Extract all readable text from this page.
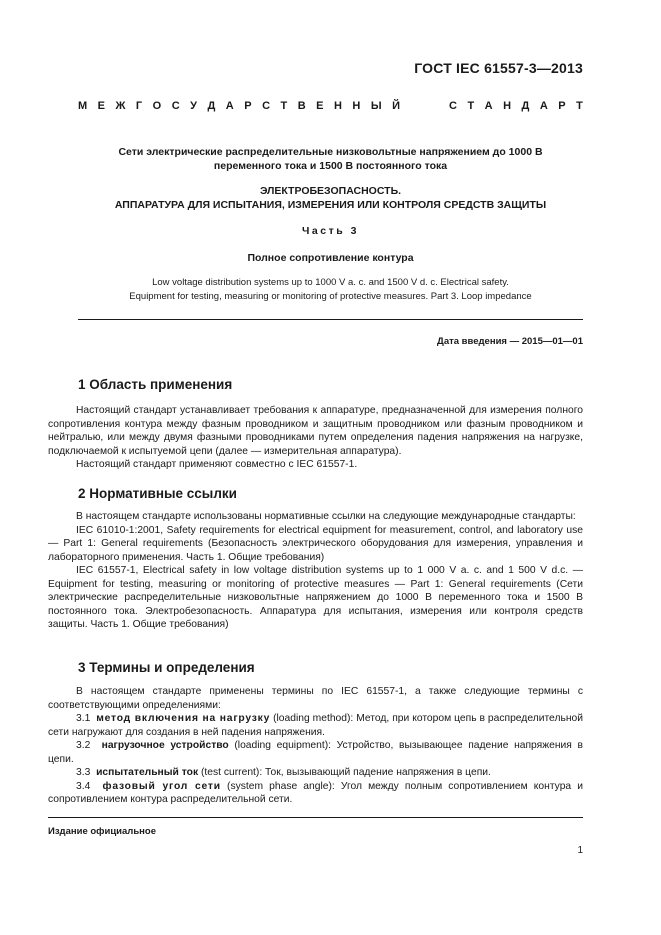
ГОСТ IEC 61557-3—2013
М Е Ж Г О С У Д А Р С Т В Е Н Н Ы Й	С Т А Н Д А Р Т
Сети электрические распределительные низковольтные напряжением до 1000 В
переменного тока и 1500 В постоянного тока
ЭЛЕКТРОБЕЗОПАСНОСТЬ.
АППАРАТУРА ДЛЯ ИСПЫТАНИЯ, ИЗМЕРЕНИЯ ИЛИ КОНТРОЛЯ СРЕДСТВ ЗАЩИТЫ
Часть 3
Полное сопротивление контура
Low voltage distribution systems up to 1000 V a. c. and 1500 V d. c. Electrical safety.
Equipment for testing, measuring or monitoring of protective measures. Part 3. Loop impedance
Дата введения — 2015—01—01
1 Область применения

Настоящий стандарт устанавливает требования к аппаратуре, предназначенной для измерения полного сопротивления контура между фазным проводником и защитным проводником или фазным проводником и нейтралью, или между двумя фазными проводниками путем определения падения напряжения на нагрузке, подключаемой к испытуемой цепи (далее — измерительная аппаратура).

Настоящий стандарт применяют совместно с IEC 61557-1.

2 Нормативные ссылки

В настоящем стандарте использованы нормативные ссылки на следующие международные стандарты:

IEC 61010-1:2001, Safety requirements for electrical equipment for measurement, control, and laboratory use — Part 1: General requirements (Безопасность электрического оборудования для измерения, управления и лабораторного применения. Часть 1. Общие требования)

IEC 61557-1, Electrical safety in low voltage distribution systems up to 1 000 V a. c. and 1 500 V d.c. — Equipment for testing, measuring or monitoring of protective measures — Part 1: General requirements (Сети электрические распределительные низковольтные напряжением до 1000 В переменного тока и 1500 В постоянного тока. Электробезопасность. Аппаратура для испытания, измерения или контроля средств защиты. Часть 1. Общие требования)

3 Термины и определения

В настоящем стандарте применены термины по IEC 61557-1, а также следующие термины с соответствующими определениями:

3.1 метод включения на нагрузку (loading method): Метод, при котором цепь в распределительной сети нагружают для создания в ней падения напряжения.

3.2 нагрузочное устройство (loading equipment): Устройство, вызывающее падение напряжения в цепи.

3.3 испытательный ток (test current): Ток, вызывающий падение напряжения в цепи.

3.4 фазовый угол сети (system phase angle): Угол между полным сопротивлением контура и сопротивлением контура распределительной сети.

Издание официальное
1
